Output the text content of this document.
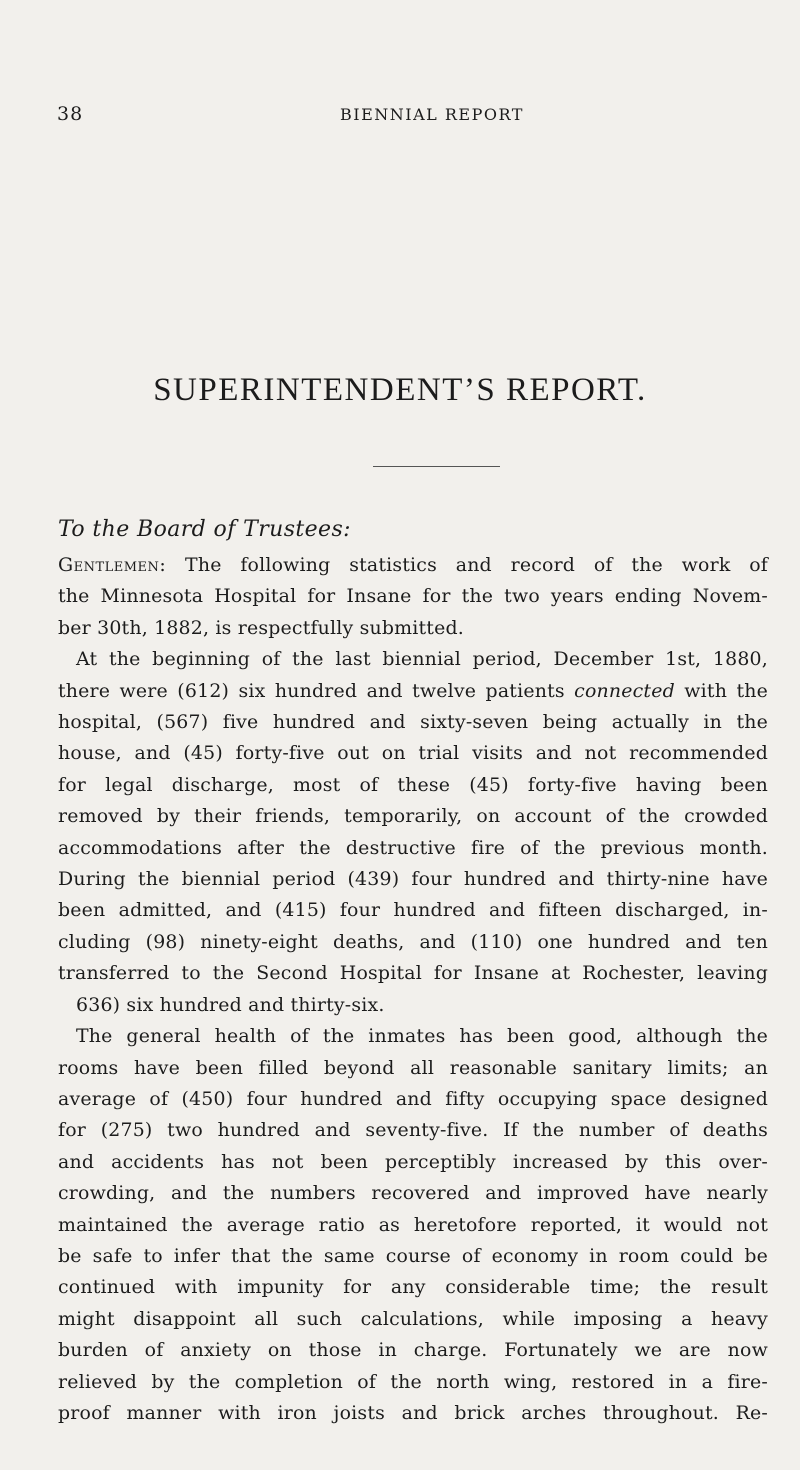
38	BIENNIAL REPORT
SUPERINTENDENT’S REPORT.
To the Board of Trustees:
Gentlemen: The following statistics and record of the work of
the Minnesota Hospital for Insane for the two years ending Novem-
ber 30th, 1882, is respectfully submitted.
At the beginning of the last biennial period, December 1st, 1880,
there were (612) six hundred and twelve patients connected with the
hospital, (567) five hundred and sixty-seven being actually in the
house, and (45) forty-five out on trial visits and not recommended
for legal discharge, most of these (45) forty-five having been
removed by their friends, temporarily, on account of the crowded
accommodations after the destructive fire of the previous month.
During the biennial period (439) four hundred and thirty-nine have
been admitted, and (415) four hundred and fifteen discharged, in-
cluding (98) ninety-eight deaths, and (110) one hundred and ten
transferred to the Second Hospital for Insane at Rochester, leaving
636) six hundred and thirty-six.
The general health of the inmates has been good, although the
rooms have been filled beyond all reasonable sanitary limits; an
average of (450) four hundred and fifty occupying space designed
for (275) two hundred and seventy-five. If the number of deaths
and accidents has not been perceptibly increased by this over-
crowding, and the numbers recovered and improved have nearly
maintained the average ratio as heretofore reported, it would not
be safe to infer that the same course of economy in room could be
continued with impunity for any considerable time; the result
might disappoint all such calculations, while imposing a heavy
burden of anxiety on those in charge. Fortunately we are now
relieved by the completion of the north wing, restored in a fire-
proof manner with iron joists and brick arches throughout. Re-
